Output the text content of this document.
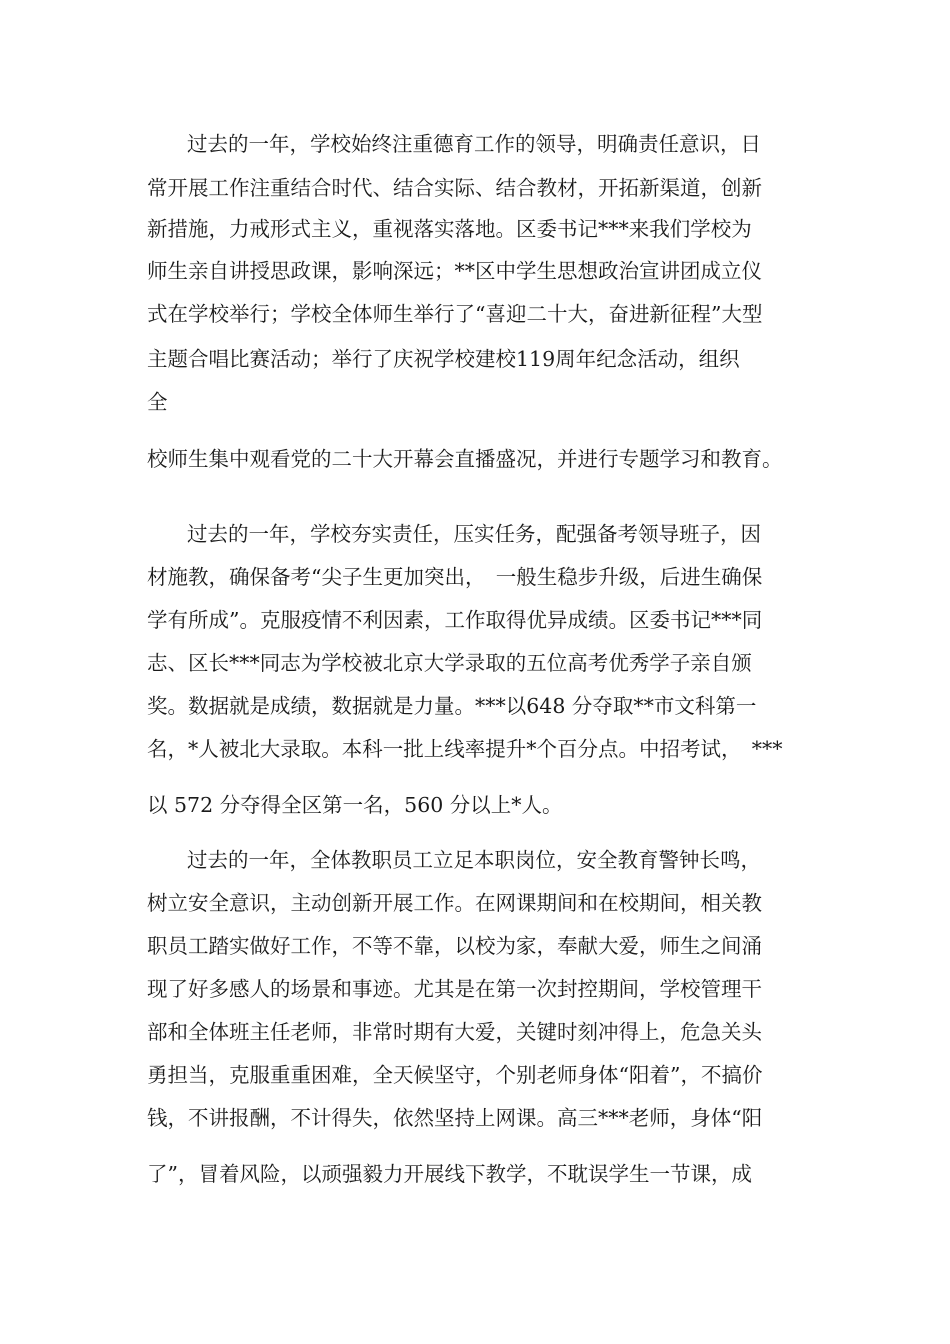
过去的一年，学校始终注重德育工作的领导，明确责任意识，日
常开展工作注重结合时代、结合实际、结合教材，开拓新渠道，创新
新措施，力戒形式主义，重视落实落地。区委书记***来我们学校为
师生亲自讲授思政课，影响深远；**区中学生思想政治宣讲团成立仪
式在学校举行；学校全体师生举行了“喜迎二十大，奋进新征程”大型
主题合唱比赛活动；举行了庆祝学校建校119周年纪念活动，组织
全
校师生集中观看党的二十大开幕会直播盛况，并进行专题学习和教育。
过去的一年，学校夯实责任，压实任务，配强备考领导班子，因
材施教，确保备考“尖子生更加突出，　一般生稳步升级，后进生确保
学有所成”。克服疫情不利因素，工作取得优异成绩。区委书记***同
志、区长***同志为学校被北京大学录取的五位高考优秀学子亲自颁
奖。数据就是成绩，数据就是力量。***以648 分夺取**市文科第一
名，*人被北大录取。本科一批上线率提升*个百分点。中招考试，　***
以 572 分夺得全区第一名，560 分以上*人。
过去的一年，全体教职员工立足本职岗位，安全教育警钟长鸣，
树立安全意识，主动创新开展工作。在网课期间和在校期间，相关教
职员工踏实做好工作，不等不靠，以校为家，奉献大爱，师生之间涌
现了好多感人的场景和事迹。尤其是在第一次封控期间，学校管理干
部和全体班主任老师，非常时期有大爱，关键时刻冲得上，危急关头
勇担当，克服重重困难，全天候坚守，个别老师身体“阳着”，不搞价
钱，不讲报酬，不计得失，依然坚持上网课。高三***老师，身体“阳
了”，冒着风险，以顽强毅力开展线下教学，不耽误学生一节课，成
